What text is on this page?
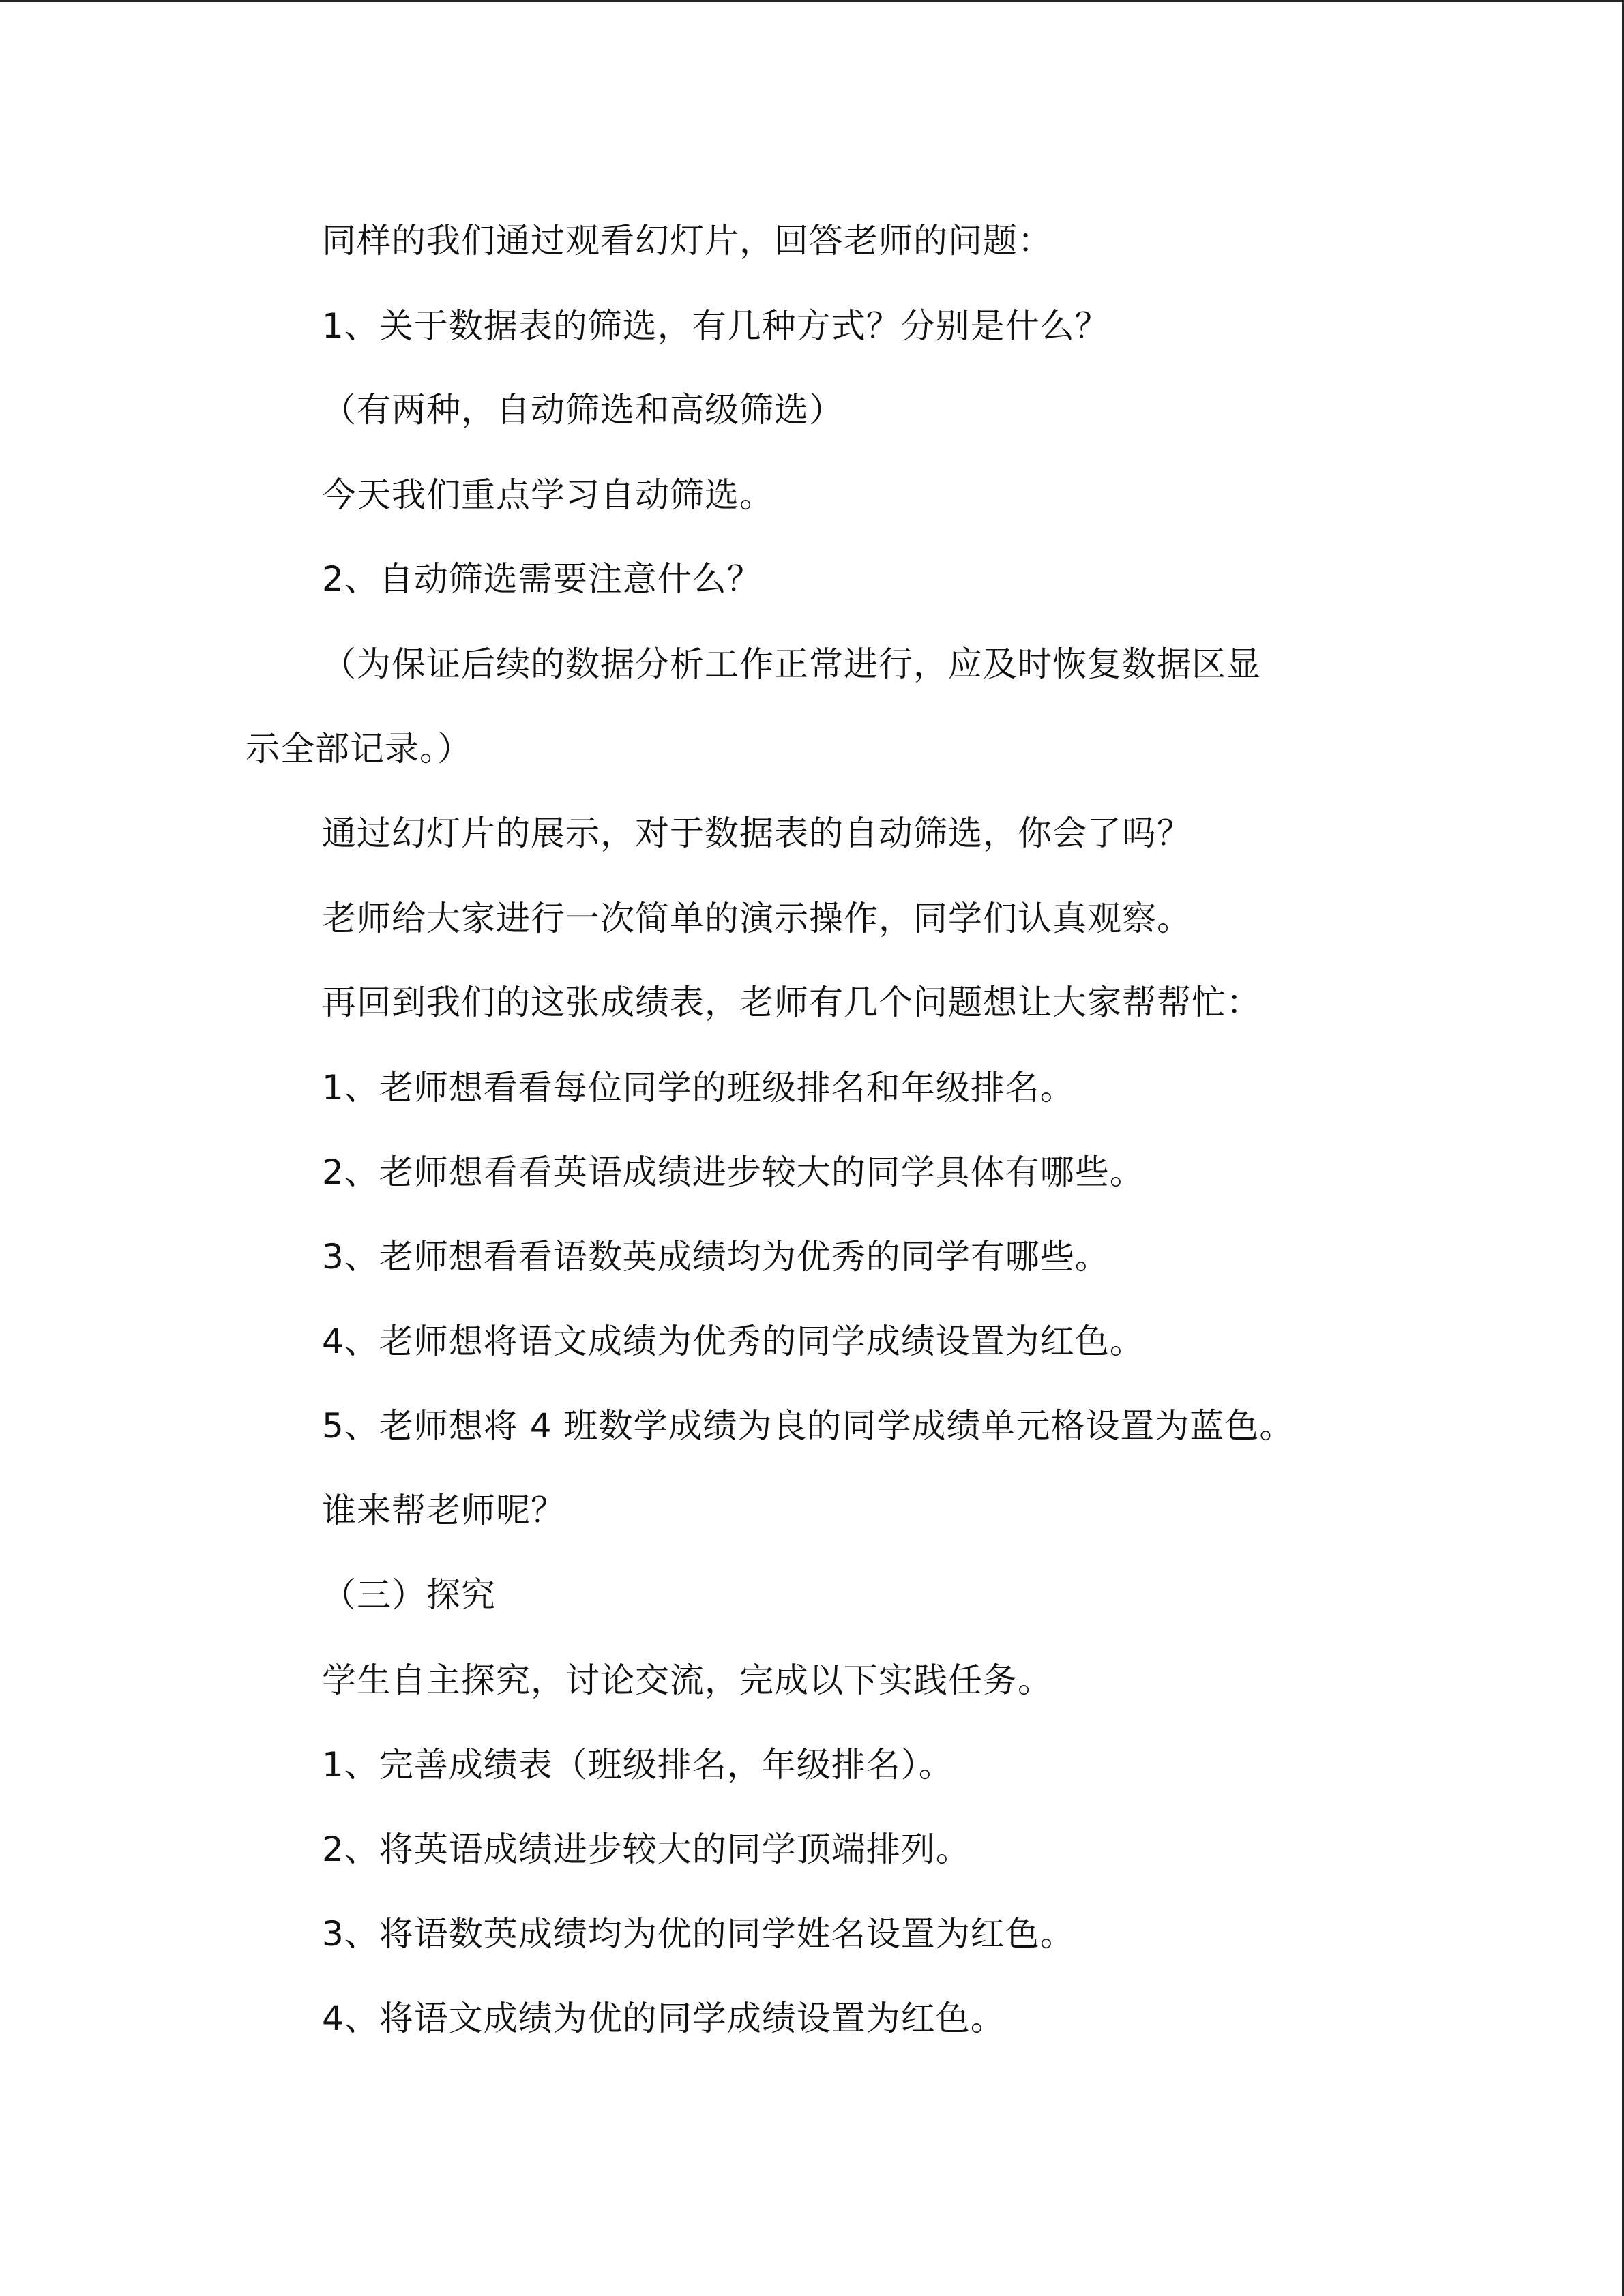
同样的我们通过观看幻灯片，回答老师的问题：
1、关于数据表的筛选，有几种方式？分别是什么？
（有两种，自动筛选和高级筛选）
今天我们重点学习自动筛选。
2、自动筛选需要注意什么？
（为保证后续的数据分析工作正常进行，应及时恢复数据区显
示全部记录。）
通过幻灯片的展示，对于数据表的自动筛选，你会了吗？
老师给大家进行一次简单的演示操作，同学们认真观察。
再回到我们的这张成绩表，老师有几个问题想让大家帮帮忙：
1、老师想看看每位同学的班级排名和年级排名。
2、老师想看看英语成绩进步较大的同学具体有哪些。
3、老师想看看语数英成绩均为优秀的同学有哪些。
4、老师想将语文成绩为优秀的同学成绩设置为红色。
5、老师想将 4 班数学成绩为良的同学成绩单元格设置为蓝色。
谁来帮老师呢？
（三）探究
学生自主探究，讨论交流，完成以下实践任务。
1、完善成绩表（班级排名，年级排名）。
2、将英语成绩进步较大的同学顶端排列。
3、将语数英成绩均为优的同学姓名设置为红色。
4、将语文成绩为优的同学成绩设置为红色。
